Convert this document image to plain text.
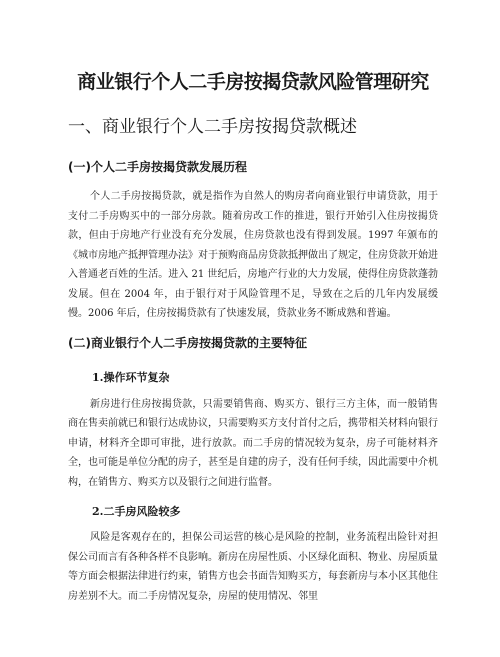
商业银行个人二手房按揭贷款风险管理研究
一、商业银行个人二手房按揭贷款概述
(一)个人二手房按揭贷款发展历程

个人二手房按揭贷款，就是指作为自然人的购房者向商业银行申请贷款，用于支付二手房购买中的一部分房款。随着房改工作的推进，银行开始引入住房按揭贷款，但由于房地产行业没有充分发展，住房贷款也没有得到发展。1997 年颁布的《城市房地产抵押管理办法》对于预购商品房贷款抵押做出了规定，住房贷款开始进入普通老百姓的生活。进入 21 世纪后，房地产行业的大力发展，使得住房贷款蓬勃发展。但在 2004 年，由于银行对于风险管理不足，导致在之后的几年内发展缓慢。2006 年后，住房按揭贷款有了快速发展，贷款业务不断成熟和普遍。

(二)商业银行个人二手房按揭贷款的主要特征
1.操作环节复杂

新房进行住房按揭贷款，只需要销售商、购买方、银行三方主体，而一般销售商在售卖前就已和银行达成协议，只需要购买方支付首付之后，携带相关材料向银行申请，材料齐全即可审批，进行放款。而二手房的情况较为复杂，房子可能材料齐全，也可能是单位分配的房子，甚至是自建的房子，没有任何手续，因此需要中介机构，在销售方、购买方以及银行之间进行监督。

2.二手房风险较多

风险是客观存在的，担保公司运营的核心是风险的控制，业务流程出险针对担保公司而言有各种各样不良影响。新房在房屋性质、小区绿化面积、物业、房屋质量等方面会根据法律进行约束，销售方也会书面告知购买方，每套新房与本小区其他住房差别不大。而二手房情况复杂，房屋的使用情况、邻里
